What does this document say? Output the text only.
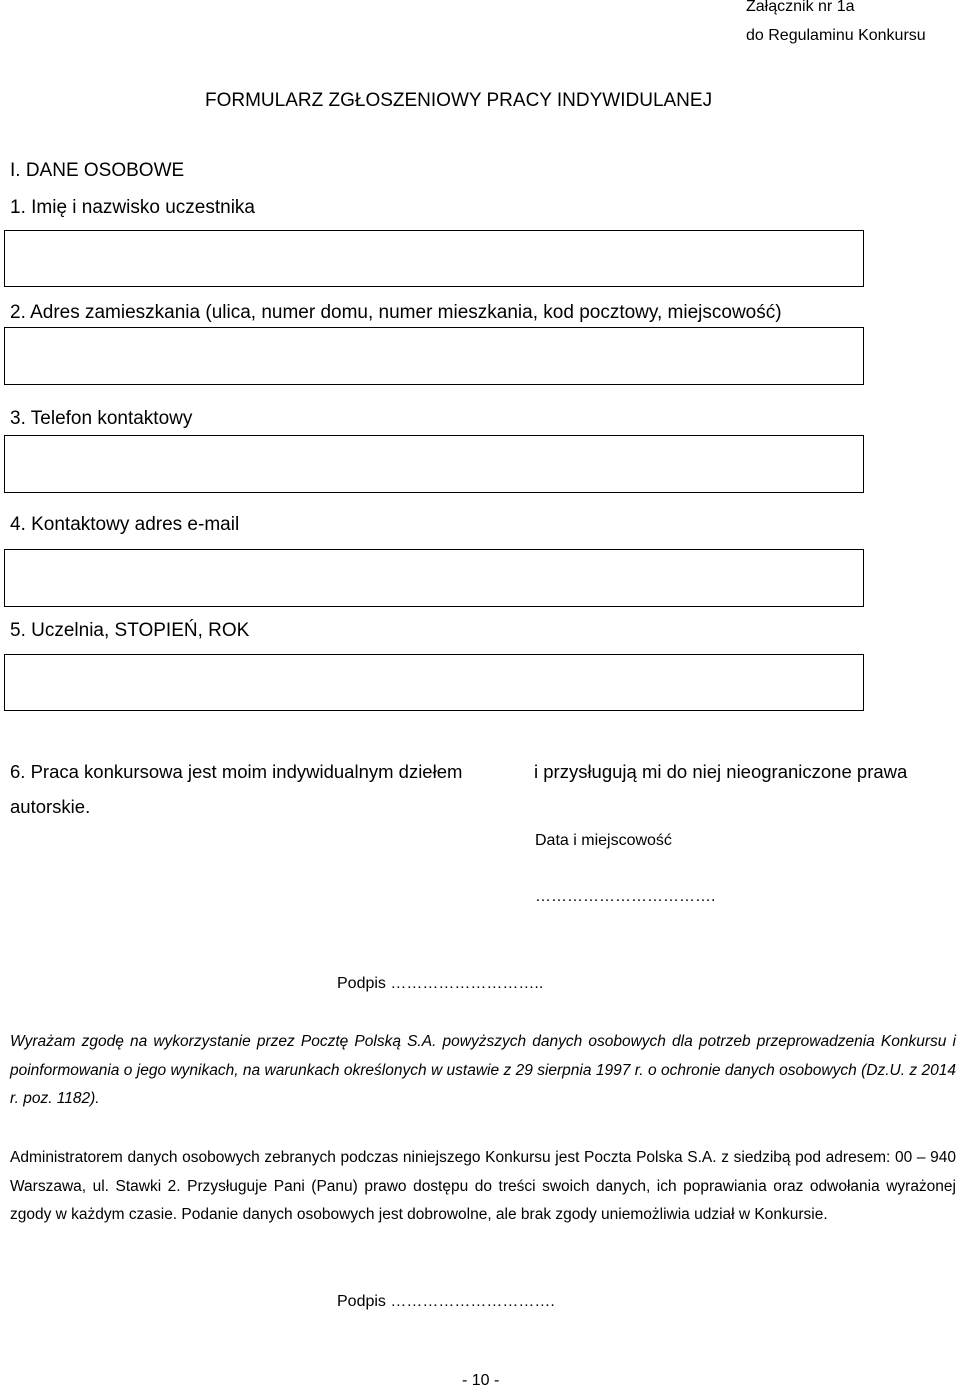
Załącznik nr 1a
do Regulaminu Konkursu
FORMULARZ ZGŁOSZENIOWY PRACY INDYWIDULANEJ
I. DANE OSOBOWE
1. Imię i nazwisko uczestnika
2. Adres zamieszkania (ulica, numer domu, numer mieszkania, kod pocztowy, miejscowość)
3. Telefon kontaktowy
4. Kontaktowy adres e-mail
5. Uczelnia, STOPIEŃ, ROK
6. Praca konkursowa jest moim indywidualnym dziełem	i przysługują mi do niej nieograniczone prawa
autorskie.
Data i miejscowość
…………………………….
Podpis ………………………..
Wyrażam zgodę na wykorzystanie przez Pocztę Polską S.A. powyższych danych osobowych dla potrzeb przeprowadzenia Konkursu i poinformowania o jego wynikach, na warunkach określonych w ustawie z 29 sierpnia 1997 r. o ochronie danych osobowych (Dz.U. z 2014 r. poz. 1182).
Administratorem danych osobowych zebranych podczas niniejszego Konkursu jest Poczta Polska S.A. z siedzibą pod adresem: 00 – 940 Warszawa, ul. Stawki 2. Przysługuje Pani (Panu) prawo dostępu do treści swoich danych, ich poprawiania oraz odwołania wyrażonej zgody w każdym czasie. Podanie danych osobowych jest dobrowolne, ale brak zgody uniemożliwia udział w Konkursie.
Podpis ………………………….
- 10 -
